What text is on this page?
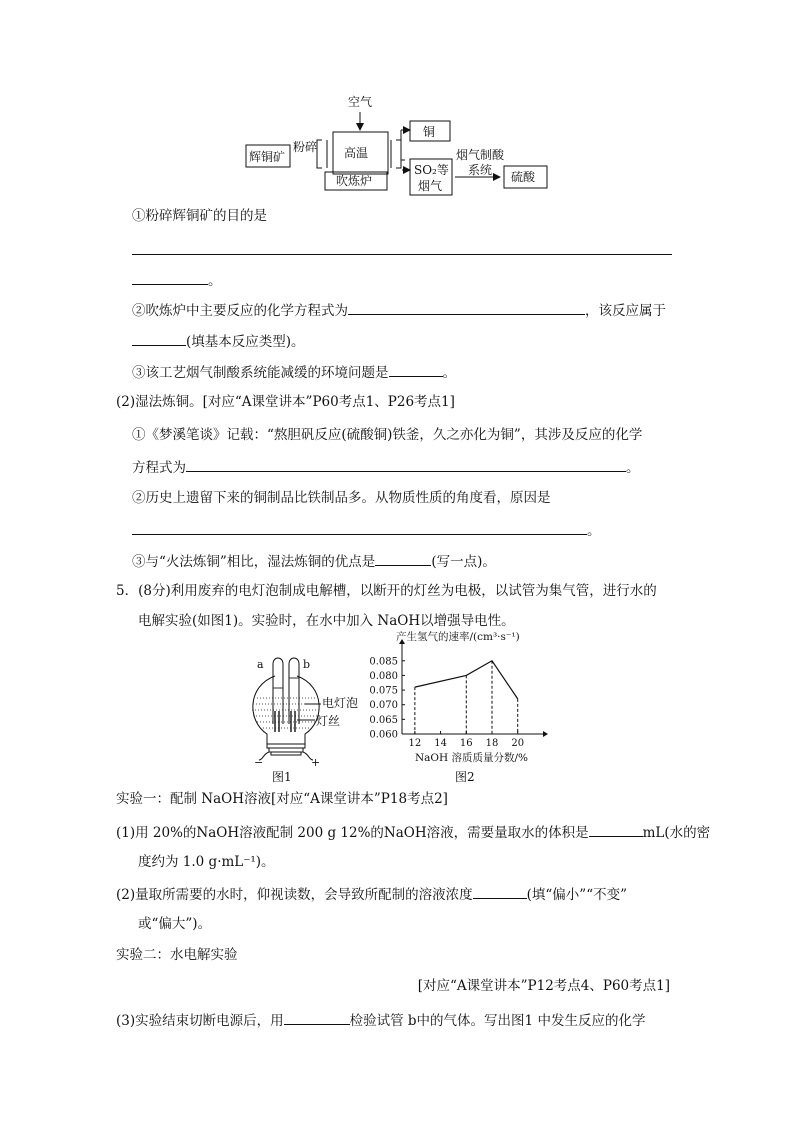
空气
辉铜矿
粉碎 高温
吹炼炉
铜
SO₂等
烟气
烟气制酸
系统 硫酸
①粉碎辉铜矿的目的是
。
②吹炼炉中主要反应的化学方程式为	，该反应属于
(填基本反应类型)。
③该工艺烟气制酸系统能减缓的环境问题是	。
(2)湿法炼铜。[对应“A课堂讲本”P60考点1、P26考点1]
①《梦溪笔谈》记载：“熬胆矾反应(硫酸铜)铁釜，久之亦化为铜”，其涉及反应的化学
方程式为	。
②历史上遗留下来的铜制品比铁制品多。从物质性质的角度看，原因是
。
③与“火法炼铜”相比，湿法炼铜的优点是	(写一点)。
5．(8分)利用废弃的电灯泡制成电解槽，以断开的灯丝为电极，以试管为集气管，进行水的
电解实验(如图1)。实验时，在水中加入 NaOH以增强导电性。
a	b
−	+
电灯泡
灯丝
图1
产生氢气的速率/(cm³·s⁻¹)
0.060
0.065
0.070
0.075
0.080
0.085
12 14 16 18 20
NaOH 溶质质量分数/%
图2
实验一：配制 NaOH溶液[对应“A课堂讲本”P18考点2]
(1)用 20%的NaOH溶液配制 200 g 12%的NaOH溶液，需要量取水的体积是	mL(水的密
度约为 1.0 g·mL⁻¹)。
(2)量取所需要的水时，仰视读数，会导致所配制的溶液浓度	(填“偏小”“不变”
或“偏大”)。
实验二：水电解实验
[对应“A课堂讲本”P12考点4、P60考点1]
(3)实验结束切断电源后，用	检验试管 b中的气体。写出图1 中发生反应的化学
